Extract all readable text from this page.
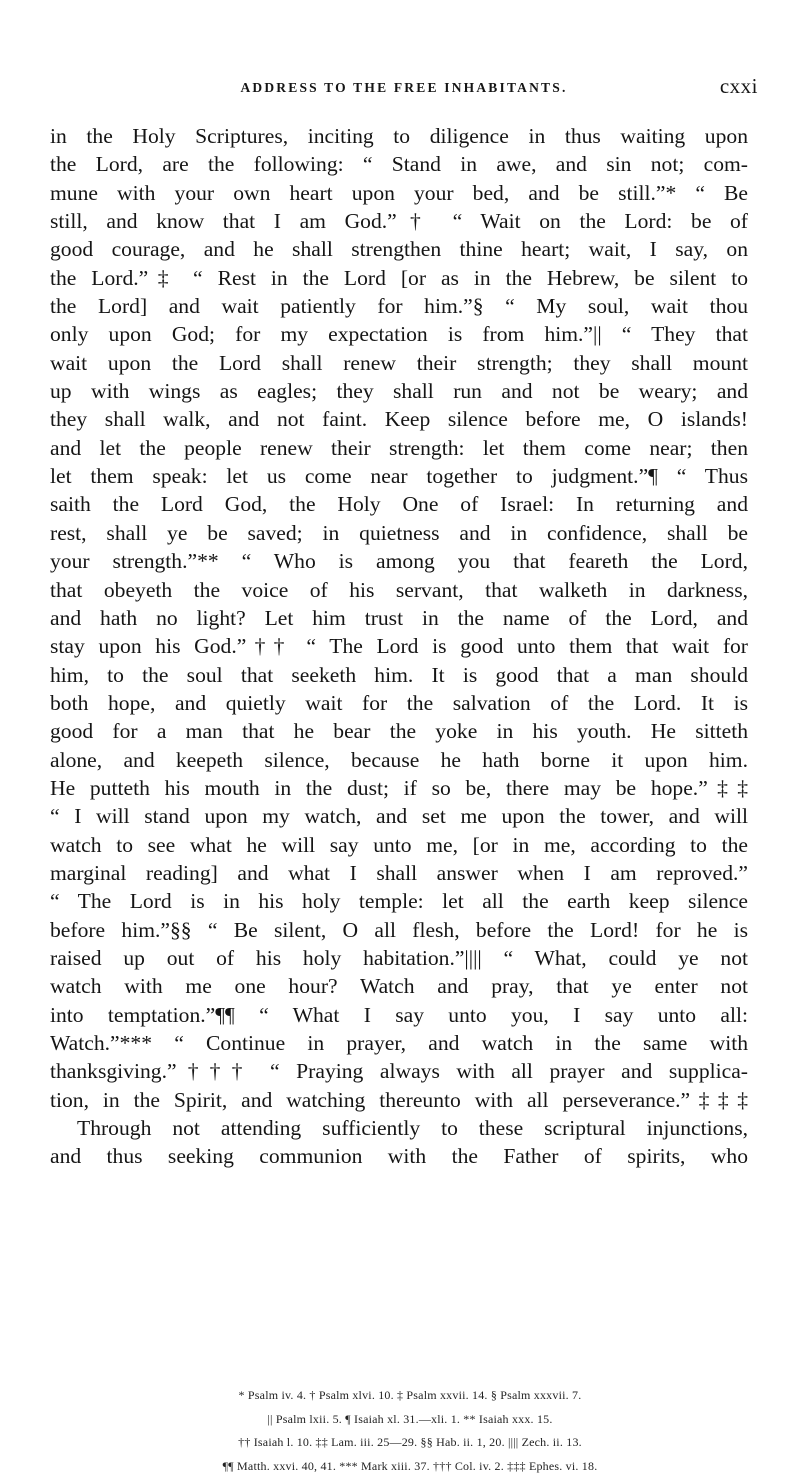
ADDRESS TO THE FREE INHABITANTS.	cxxi
in the Holy Scriptures, inciting to diligence in thus waiting upon
the Lord, are the following: “ Stand in awe, and sin not; com-
mune with your own heart upon your bed, and be still.”* “ Be
still, and know that I am God.”† “ Wait on the Lord: be of
good courage, and he shall strengthen thine heart; wait, I say, on
the Lord.”‡ “ Rest in the Lord [or as in the Hebrew, be silent to
the Lord] and wait patiently for him.”§ “ My soul, wait thou
only upon God; for my expectation is from him.”|| “ They that
wait upon the Lord shall renew their strength; they shall mount
up with wings as eagles; they shall run and not be weary; and
they shall walk, and not faint. Keep silence before me, O islands!
and let the people renew their strength: let them come near; then
let them speak: let us come near together to judgment.”¶ “ Thus
saith the Lord God, the Holy One of Israel: In returning and
rest, shall ye be saved; in quietness and in confidence, shall be
your strength.”** “ Who is among you that feareth the Lord,
that obeyeth the voice of his servant, that walketh in darkness,
and hath no light? Let him trust in the name of the Lord, and
stay upon his God.”†† “ The Lord is good unto them that wait for
him, to the soul that seeketh him. It is good that a man should
both hope, and quietly wait for the salvation of the Lord. It is
good for a man that he bear the yoke in his youth. He sitteth
alone, and keepeth silence, because he hath borne it upon him.
He putteth his mouth in the dust; if so be, there may be hope.”‡‡
“ I will stand upon my watch, and set me upon the tower, and will
watch to see what he will say unto me, [or in me, according to the
marginal reading] and what I shall answer when I am reproved.”
“ The Lord is in his holy temple: let all the earth keep silence
before him.”§§ “ Be silent, O all flesh, before the Lord! for he is
raised up out of his holy habitation.”|||| “ What, could ye not
watch with me one hour? Watch and pray, that ye enter not
into temptation.”¶¶ “ What I say unto you, I say unto all:
Watch.”*** “ Continue in prayer, and watch in the same with
thanksgiving.”††† “ Praying always with all prayer and supplica-
tion, in the Spirit, and watching thereunto with all perseverance.”‡‡‡
Through not attending sufficiently to these scriptural injunctions,
and thus seeking communion with the Father of spirits, who
* Psalm iv. 4. † Psalm xlvi. 10. ‡ Psalm xxvii. 14. § Psalm xxxvii. 7.
|| Psalm lxii. 5. ¶ Isaiah xl. 31.—xli. 1. ** Isaiah xxx. 15.
†† Isaiah l. 10. ‡‡ Lam. iii. 25—29. §§ Hab. ii. 1, 20. |||| Zech. ii. 13.
¶¶ Matth. xxvi. 40, 41. *** Mark xiii. 37. ††† Col. iv. 2. ‡‡‡ Ephes. vi. 18.
